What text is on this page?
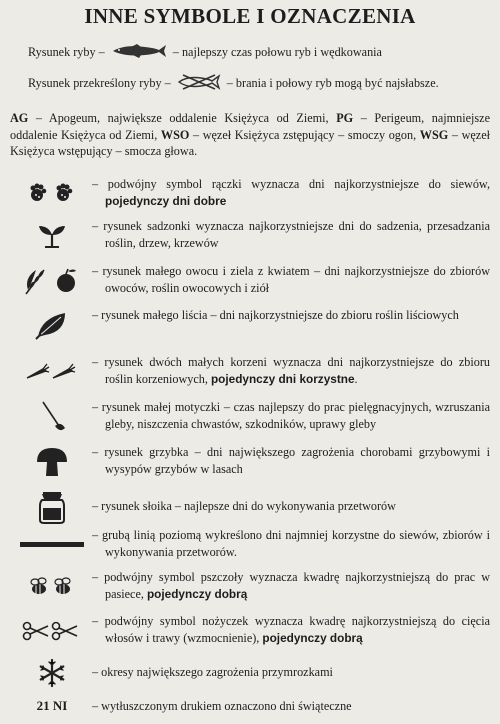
INNE SYMBOLE I OZNACZENIA
Rysunek ryby –	– najlepszy czas połowu ryb i wędkowania
Rysunek przekreślony ryby –	– brania i połowy ryb mogą być najsłabsze.
AG – Apogeum, największe oddalenie Księżyca od Ziemi, PG – Perigeum, najmniejsze oddalenie Księżyca od Ziemi, WSO – węzeł Księżyca zstępujący – smoczy ogon, WSG – węzeł Księżyca wstępujący – smocza głowa.
– podwójny symbol rączki wyznacza dni najkorzystniejsze do siewów, pojedynczy dni dobre
– rysunek sadzonki wyznacza najkorzystniejsze dni do sadzenia, przesadzania roślin, drzew, krzewów
– rysunek małego owocu i ziela z kwiatem – dni najkorzystniejsze do zbiorów owoców, roślin owocowych i ziół
– rysunek małego liścia – dni najkorzystniejsze do zbioru roślin liściowych
– rysunek dwóch małych korzeni wyznacza dni najkorzystniejsze do zbioru roślin korzeniowych, pojedynczy dni korzystne.
– rysunek małej motyczki – czas najlepszy do prac pielęgnacyjnych, wzruszania gleby, niszczenia chwastów, szkodników, uprawy gleby
– rysunek grzybka – dni największego zagrożenia chorobami grzybowymi i wysypów grzybów w lasach
– rysunek słoika – najlepsze dni do wykonywania przetworów
– grubą linią poziomą wykreślono dni najmniej korzystne do siewów, zbiorów i wykonywania przetworów.
– podwójny symbol pszczoły wyznacza kwadrę najkorzystniejszą do prac w pasiece, pojedynczy dobrą
– podwójny symbol nożyczek wyznacza kwadrę najkorzystniejszą do cięcia włosów i trawy (wzmocnienie), pojedynczy dobrą
– okresy największego zagrożenia przymrozkami
21 NI – wytłuszczonym drukiem oznaczono dni świąteczne
